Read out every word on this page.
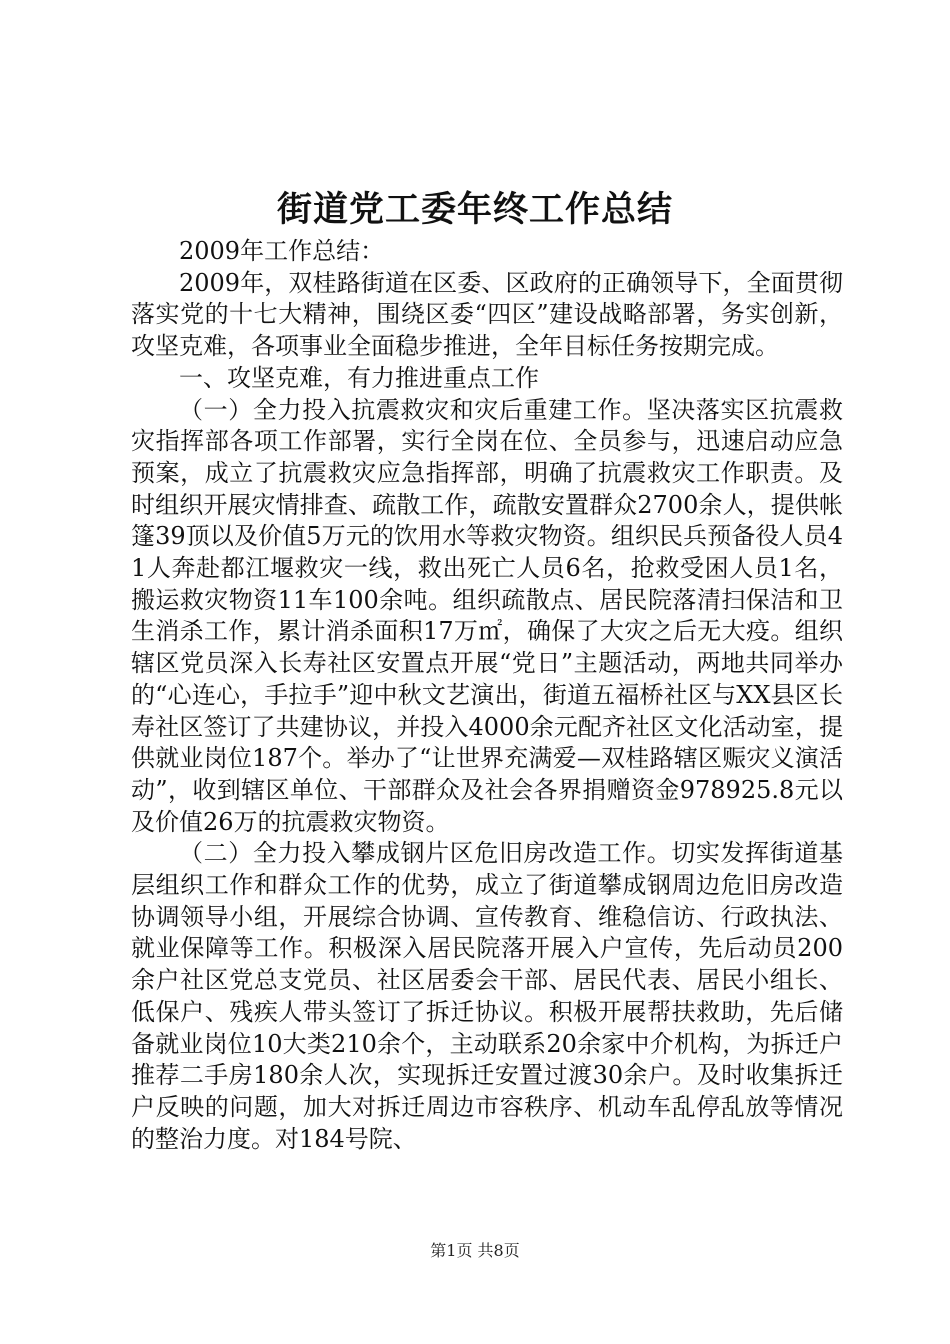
街道党工委年终工作总结

2009年工作总结：

2009年，双桂路街道在区委、区政府的正确领导下，全面贯彻落实党的十七大精神，围绕区委“四区”建设战略部署，务实创新，攻坚克难，各项事业全面稳步推进，全年目标任务按期完成。

一、攻坚克难，有力推进重点工作

（一）全力投入抗震救灾和灾后重建工作。坚决落实区抗震救灾指挥部各项工作部署，实行全岗在位、全员参与，迅速启动应急预案，成立了抗震救灾应急指挥部，明确了抗震救灾工作职责。及时组织开展灾情排查、疏散工作，疏散安置群众2700余人，提供帐篷39顶以及价值5万元的饮用水等救灾物资。组织民兵预备役人员41人奔赴都江堰救灾一线，救出死亡人员6名，抢救受困人员1名，搬运救灾物资11车100余吨。组织疏散点、居民院落清扫保洁和卫生消杀工作，累计消杀面积17万㎡，确保了大灾之后无大疫。组织辖区党员深入长寿社区安置点开展“党日”主题活动，两地共同举办的“心连心，手拉手”迎中秋文艺演出，街道五福桥社区与XX县区长寿社区签订了共建协议，并投入4000余元配齐社区文化活动室，提供就业岗位187个。举办了“让世界充满爱—双桂路辖区赈灾义演活动”，收到辖区单位、干部群众及社会各界捐赠资金978925.8元以及价值26万的抗震救灾物资。

（二）全力投入攀成钢片区危旧房改造工作。切实发挥街道基层组织工作和群众工作的优势，成立了街道攀成钢周边危旧房改造协调领导小组，开展综合协调、宣传教育、维稳信访、行政执法、就业保障等工作。积极深入居民院落开展入户宣传，先后动员200余户社区党总支党员、社区居委会干部、居民代表、居民小组长、低保户、残疾人带头签订了拆迁协议。积极开展帮扶救助，先后储备就业岗位10大类210余个，主动联系20余家中介机构，为拆迁户推荐二手房180余人次，实现拆迁安置过渡30余户。及时收集拆迁户反映的问题，加大对拆迁周边市容秩序、机动车乱停乱放等情况的整治力度。对184号院、

第1页 共8页
